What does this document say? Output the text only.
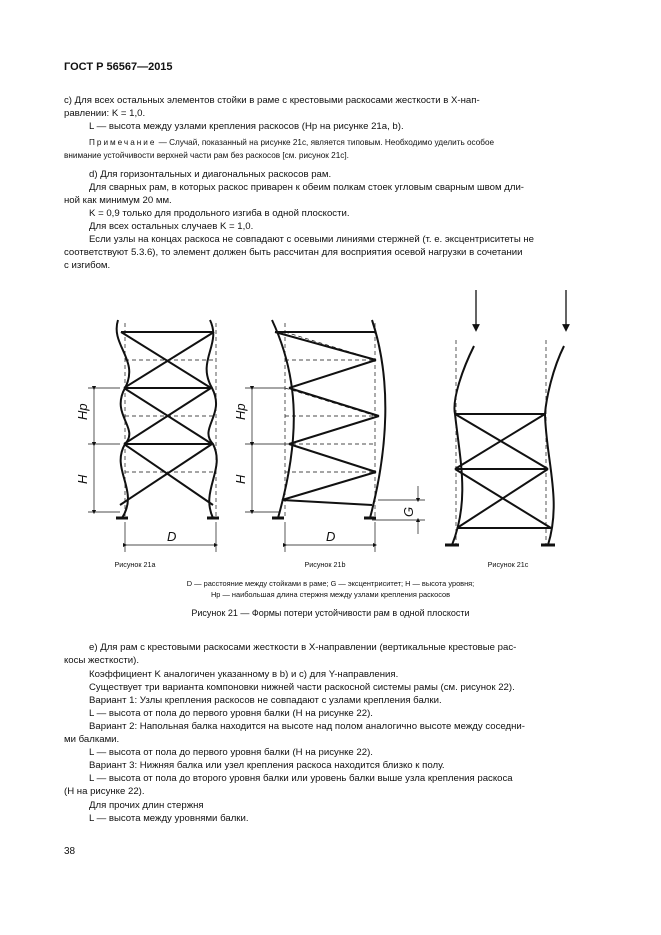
ГОСТ Р 56567—2015

c) Для всех остальных элементов стойки в раме с крестовыми раскосами жесткости в X-нап-

равлении: K = 1,0.

L — высота между узлами крепления раскосов (Hp на рисунке 21a, b).

Примечание — Случай, показанный на рисунке 21c, является типовым. Необходимо уделить особое

внимание устойчивости верхней части рам без раскосов [см. рисунок 21c].

d) Для горизонтальных и диагональных раскосов рам.

Для сварных рам, в которых раскос приварен к обеим полкам стоек угловым сварным швом дли-

ной как минимум 20 мм.

K = 0,9 только для продольного изгиба в одной плоскости.

Для всех остальных случаев K = 1,0.

Если узлы на концах раскоса не совпадают с осевыми линиями стержней (т. е. эксцентриситеты не

соответствуют 5.3.6), то элемент должен быть рассчитан для восприятия осевой нагрузки в сочетании

с изгибом.

Hp
H
D
Hp
H
D
G
Рисунок 21a	Рисунок 21b	Рисунок 21c
D — расстояние между стойками в раме; G — эксцентриситет; H — высота уровня;
Hp — наибольшая длина стержня между узлами крепления раскосов
Рисунок 21 — Формы потери устойчивости рам в одной плоскости

e) Для рам с крестовыми раскосами жесткости в X-направлении (вертикальные крестовые рас-

косы жесткости).

Коэффициент K аналогичен указанному в b) и c) для Y-направления.

Существует три варианта компоновки нижней части раскосной системы рамы (см. рисунок 22).

Вариант 1: Узлы крепления раскосов не совпадают с узлами крепления балки.

L — высота от пола до первого уровня балки (H на рисунке 22).

Вариант 2: Напольная балка находится на высоте над полом аналогично высоте между соседни-

ми балками.

L — высота от пола до первого уровня балки (H на рисунке 22).

Вариант 3: Нижняя балка или узел крепления раскоса находится близко к полу.

L — высота от пола до второго уровня балки или уровень балки выше узла крепления раскоса

(H на рисунке 22).

Для прочих длин стержня

L — высота между уровнями балки.

38
